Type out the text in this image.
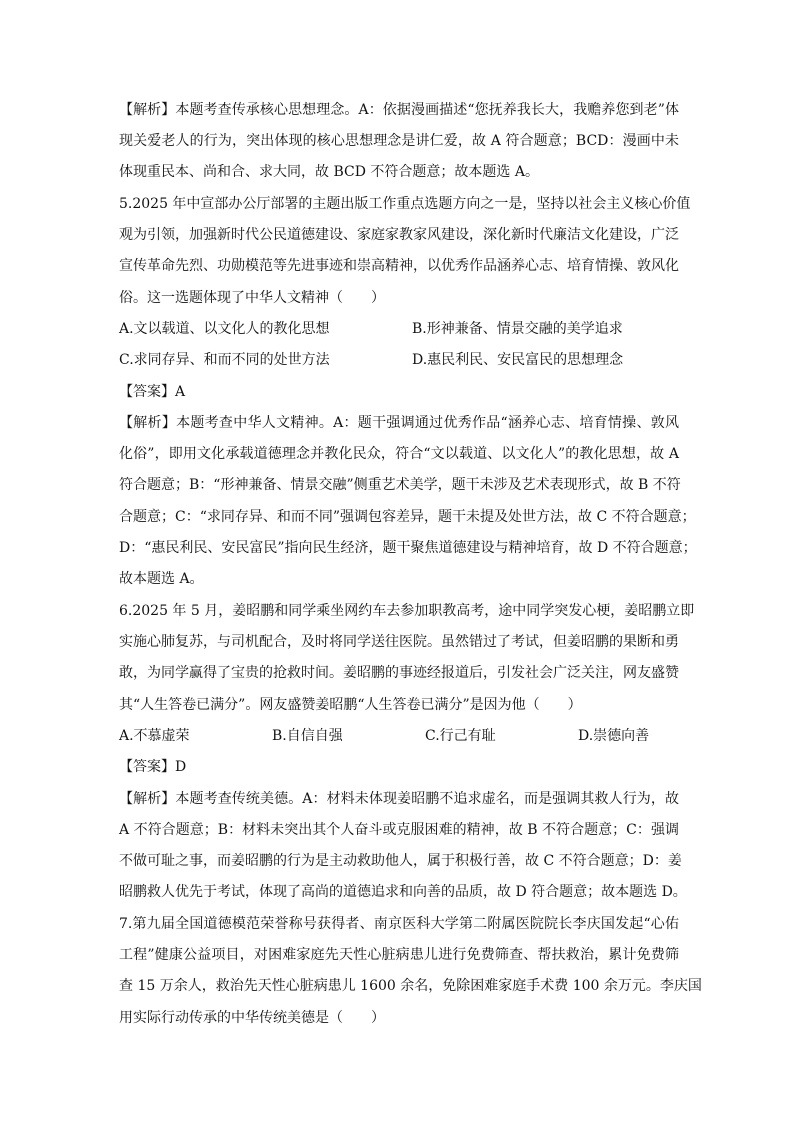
【解析】本题考查传承核心思想理念。A：依据漫画描述“您抚养我长大，我赡养您到老”体
现关爱老人的行为，突出体现的核心思想理念是讲仁爱，故 A 符合题意；BCD：漫画中未
体现重民本、尚和合、求大同，故 BCD 不符合题意；故本题选 A。
5.2025 年中宣部办公厅部署的主题出版工作重点选题方向之一是，坚持以社会主义核心价值
观为引领，加强新时代公民道德建设、家庭家教家风建设，深化新时代廉洁文化建设，广泛
宣传革命先烈、功勋模范等先进事迹和崇高精神，以优秀作品涵养心志、培育情操、敦风化
俗。这一选题体现了中华人文精神（　　）
A.文以载道、以文化人的教化思想	B.形神兼备、情景交融的美学追求
C.求同存异、和而不同的处世方法	D.惠民利民、安民富民的思想理念
【答案】A
【解析】本题考查中华人文精神。A：题干强调通过优秀作品“涵养心志、培育情操、敦风
化俗”，即用文化承载道德理念并教化民众，符合“文以载道、以文化人”的教化思想，故 A
符合题意；B：“形神兼备、情景交融”侧重艺术美学，题干未涉及艺术表现形式，故 B 不符
合题意；C：“求同存异、和而不同”强调包容差异，题干未提及处世方法，故 C 不符合题意；
D：“惠民利民、安民富民”指向民生经济，题干聚焦道德建设与精神培育，故 D 不符合题意；
故本题选 A。
6.2025 年 5 月，姜昭鹏和同学乘坐网约车去参加职教高考，途中同学突发心梗，姜昭鹏立即
实施心肺复苏，与司机配合，及时将同学送往医院。虽然错过了考试，但姜昭鹏的果断和勇
敢，为同学赢得了宝贵的抢救时间。姜昭鹏的事迹经报道后，引发社会广泛关注，网友盛赞
其“人生答卷已满分”。网友盛赞姜昭鹏“人生答卷已满分”是因为他（　　）
A.不慕虚荣	B.自信自强	C.行己有耻	D.崇德向善
【答案】D
【解析】本题考查传统美德。A：材料未体现姜昭鹏不追求虚名，而是强调其救人行为，故
A 不符合题意；B：材料未突出其个人奋斗或克服困难的精神，故 B 不符合题意；C：强调
不做可耻之事，而姜昭鹏的行为是主动救助他人，属于积极行善，故 C 不符合题意；D：姜
昭鹏救人优先于考试，体现了高尚的道德追求和向善的品质，故 D 符合题意；故本题选 D。
7.第九届全国道德模范荣誉称号获得者、南京医科大学第二附属医院院长李庆国发起“心佑
工程”健康公益项目，对困难家庭先天性心脏病患儿进行免费筛查、帮扶救治，累计免费筛
查 15 万余人，救治先天性心脏病患儿 1600 余名，免除困难家庭手术费 100 余万元。李庆国
用实际行动传承的中华传统美德是（　　）
